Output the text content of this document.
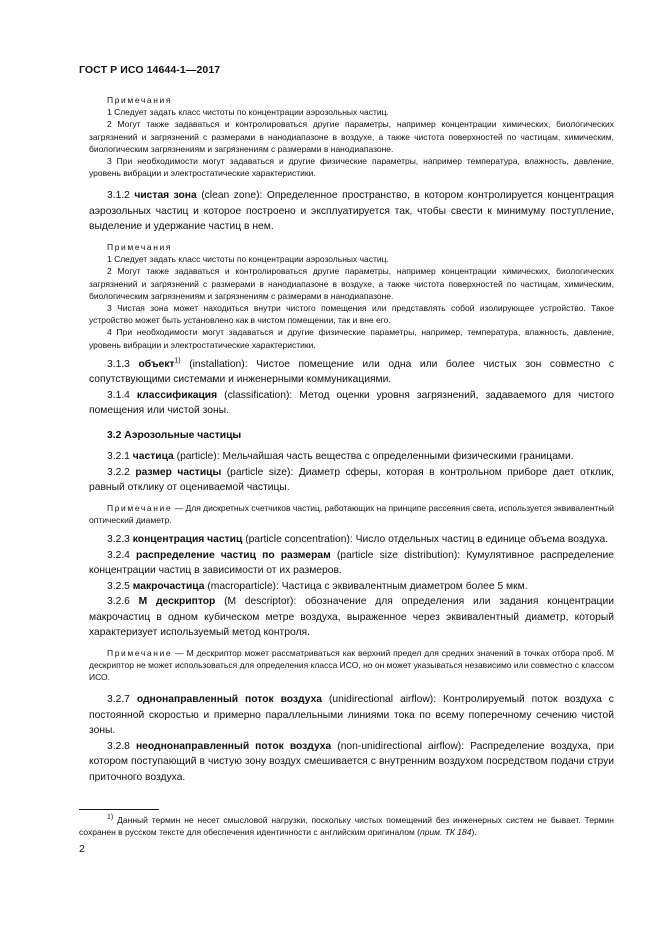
ГОСТ Р ИСО 14644-1—2017

Примечания

1 Следует задать класс чистоты по концентрации аэрозольных частиц.

2 Могут также задаваться и контролироваться другие параметры, например концентрации химических, биологических загрязнений и загрязнений с размерами в нанодиапазоне в воздухе, а также чистота поверхностей по частицам, химическим, биологическим загрязнениям и загрязнениям с размерами в нанодиапазоне.

3 При необходимости могут задаваться и другие физические параметры, например температура, влажность, давление, уровень вибрации и электростатические характеристики.

3.1.2 чистая зона (clean zone): Определенное пространство, в котором контролируется концентрация аэрозольных частиц и которое построено и эксплуатируется так, чтобы свести к минимуму поступление, выделение и удержание частиц в нем.

Примечания

1 Следует задать класс чистоты по концентрации аэрозольных частиц.

2 Могут также задаваться и контролироваться другие параметры, например концентрации химических, биологических загрязнений и загрязнений с размерами в нанодиапазоне в воздухе, а также чистота поверхностей по частицам, химическим, биологическим загрязнениям и загрязнениям с размерами в нанодиапазоне.

3 Чистая зона может находиться внутри чистого помещения или представлять собой изолирующее устройство. Такое устройство может быть установлено как в чистом помещении, так и вне его.

4 При необходимости могут задаваться и другие физические параметры, например, температура, влажность, давление, уровень вибрации и электростатические характеристики.

3.1.3 объект$^{1)}$ (installation): Чистое помещение или одна или более чистых зон совместно с сопутствующими системами и инженерными коммуникациями.

3.1.4 классификация (classification): Метод оценки уровня загрязнений, задаваемого для чистого помещения или чистой зоны.

3.2 Аэрозольные частицы

3.2.1 частица (particle): Мельчайшая часть вещества с определенными физическими границами.

3.2.2 размер частицы (particle size): Диаметр сферы, которая в контрольном приборе дает отклик, равный отклику от оцениваемой частицы.

Примечание — Для дискретных счетчиков частиц, работающих на принципе рассеяния света, используется эквивалентный оптический диаметр.

3.2.3 концентрация частиц (particle concentration): Число отдельных частиц в единице объема воздуха.

3.2.4 распределение частиц по размерам (particle size distribution): Кумулятивное распределение концентрации частиц в зависимости от их размеров.

3.2.5 макрочастица (macroparticle): Частица с эквивалентным диаметром более 5 мкм.

3.2.6 М дескриптор (М descriptor): обозначение для определения или задания концентрации макрочастиц в одном кубическом метре воздуха, выраженное через эквивалентный диаметр, который характеризует используемый метод контроля.

Примечание — М дескриптор может рассматриваться как верхний предел для средних значений в точках отбора проб. М дескриптор не может использоваться для определения класса ИСО, но он может указываться независимо или совместно с классом ИСО.

3.2.7 однонаправленный поток воздуха (unidirectional airflow): Контролируемый поток воздуха с постоянной скоростью и примерно параллельными линиями тока по всему поперечному сечению чистой зоны.

3.2.8 неоднонаправленный поток воздуха (non-unidirectional airflow): Распределение воздуха, при котором поступающий в чистую зону воздух смешивается с внутренним воздухом посредством подачи струи приточного воздуха.

$^{1)}$ Данный термин не несет смысловой нагрузки, поскольку чистых помещений без инженерных систем не бывает. Термин сохранен в русском тексте для обеспечения идентичности с английским оригиналом (прим. ТК 184).

2
